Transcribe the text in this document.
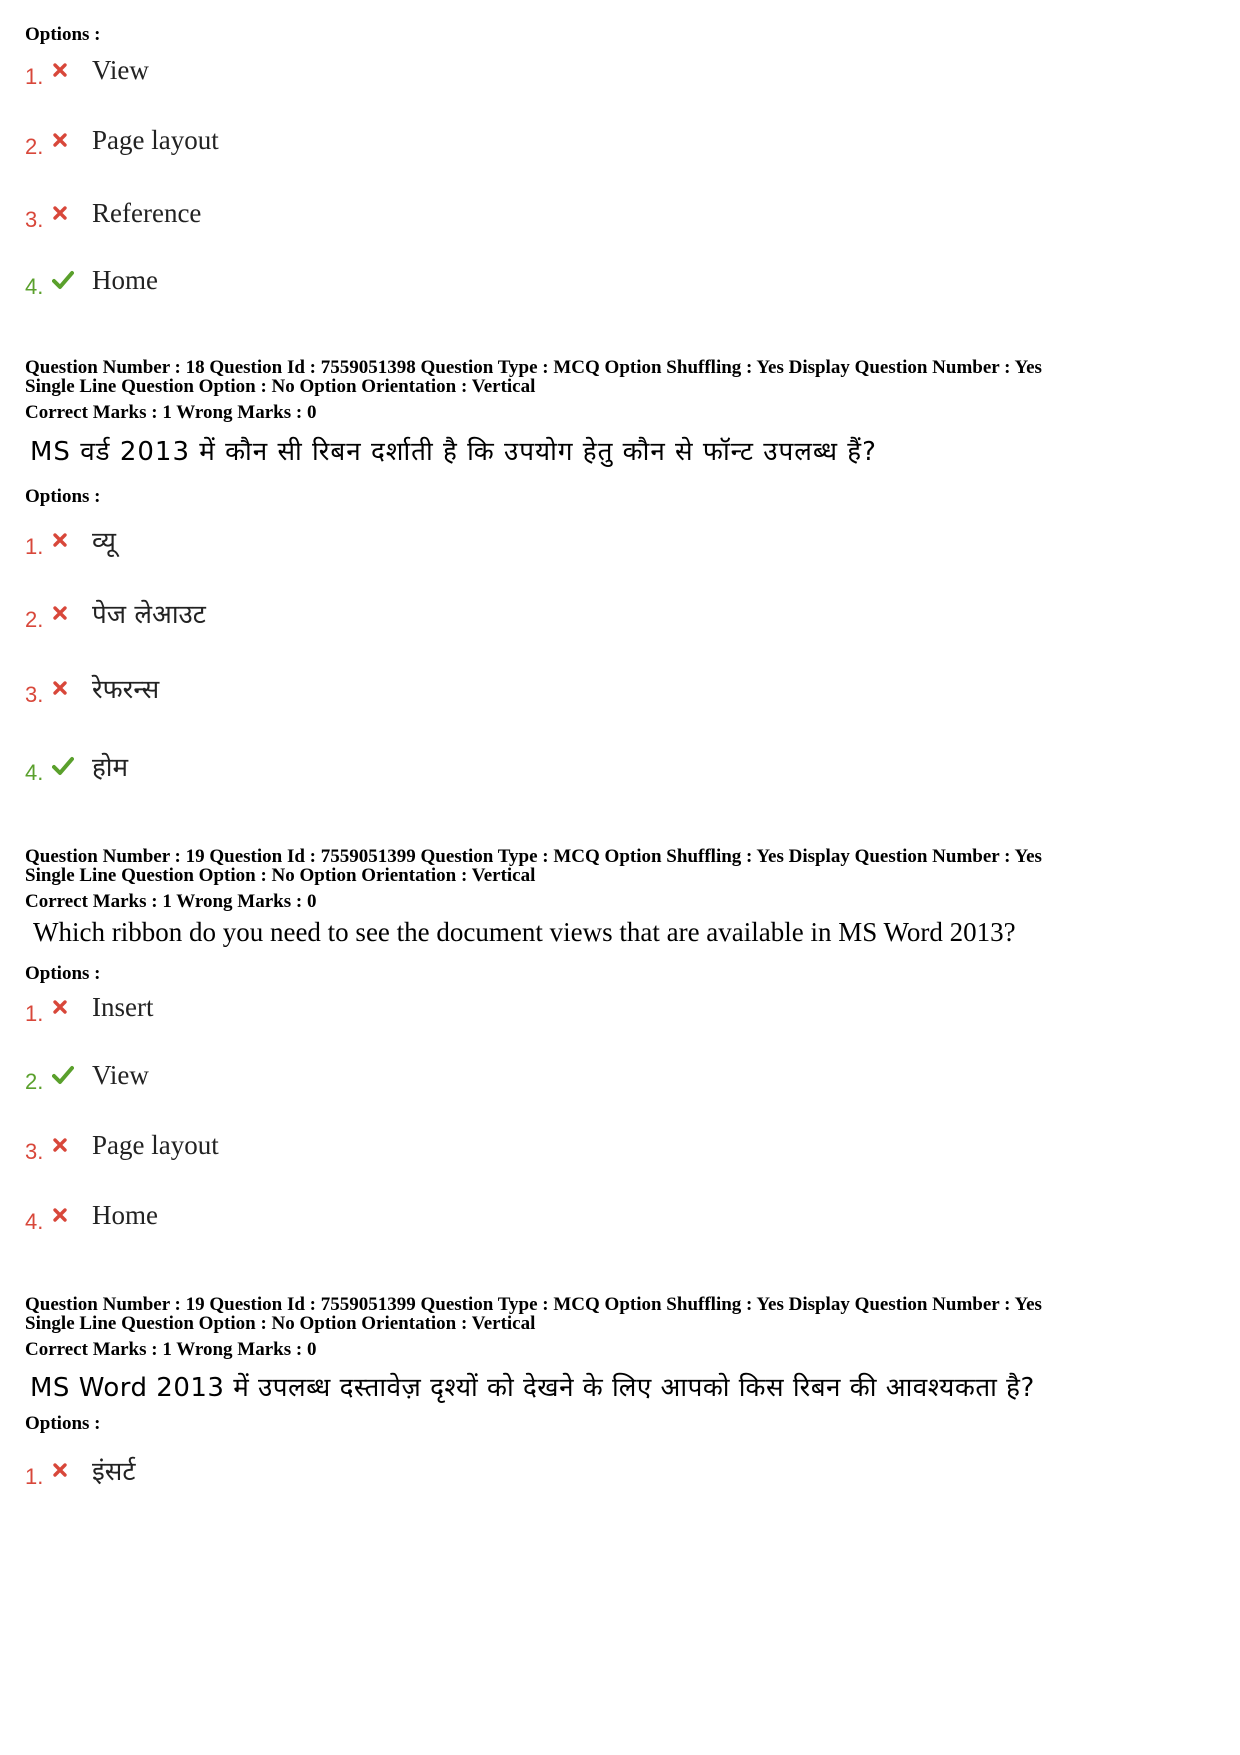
Options :
1.	View
2.	Page layout
3.	Reference
4.	Home
Question Number : 18 Question Id : 7559051398 Question Type : MCQ Option Shuffling : Yes Display Question Number : Yes
Single Line Question Option : No Option Orientation : Vertical
Correct Marks : 1 Wrong Marks : 0
MS वर्ड 2013 में कौन सी रिबन दर्शाती है कि उपयोग हेतु कौन से फॉन्ट उपलब्ध हैं?
Options :
1.	व्यू
2.	पेज लेआउट
3.	रेफरन्स
4.	होम
Question Number : 19 Question Id : 7559051399 Question Type : MCQ Option Shuffling : Yes Display Question Number : Yes
Single Line Question Option : No Option Orientation : Vertical
Correct Marks : 1 Wrong Marks : 0
Which ribbon do you need to see the document views that are available in MS Word 2013?
Options :
1.	Insert
2.	View
3.	Page layout
4.	Home
Question Number : 19 Question Id : 7559051399 Question Type : MCQ Option Shuffling : Yes Display Question Number : Yes
Single Line Question Option : No Option Orientation : Vertical
Correct Marks : 1 Wrong Marks : 0
MS Word 2013 में उपलब्ध दस्तावेज़ दृश्यों को देखने के लिए आपको किस रिबन की आवश्यकता है?
Options :
1.	इंसर्ट
